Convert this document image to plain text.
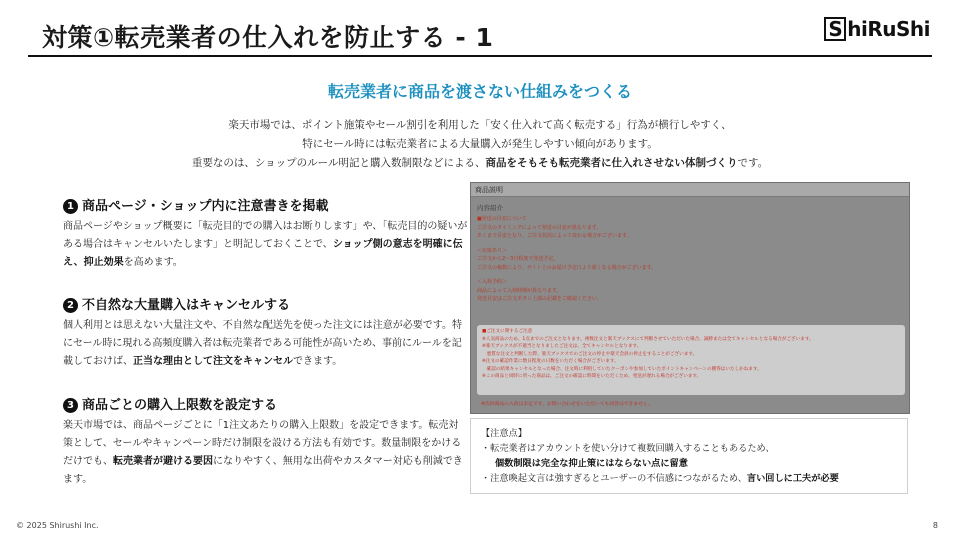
対策①転売業者の仕入れを防止する - 1	S hiRuShi
転売業者に商品を渡さない仕組みをつくる
楽天市場では、ポイント施策やセール割引を利用した「安く仕入れて高く転売する」行為が横行しやすく、
特にセール時には転売業者による大量購入が発生しやすい傾向があります。
重要なのは、ショップのルール明記と購入数制限などによる、商品をそもそも転売業者に仕入れさせない体制づくりです。
1 商品ページ・ショップ内に注意書きを掲載
商品ページやショップ概要に「転売目的での購入はお断りします」や、「転売目的の疑いがある場合はキャンセルいたします」と明記しておくことで、ショップ側の意志を明確に伝え、抑止効果を高めます。
2 不自然な大量購入はキャンセルする
個人利用とは思えない大量注文や、不自然な配送先を使った注文には注意が必要です。特にセール時に現れる高頻度購入者は転売業者である可能性が高いため、事前にルールを記載しておけば、正当な理由として注文をキャンセルできます。
3 商品ごとの購入上限数を設定する
楽天市場では、商品ページごとに「1注文あたりの購入上限数」を設定できます。転売対策として、セールやキャンペーン時だけ制限を設ける方法も有効です。数量制限をかけるだけでも、転売業者が避ける要因になりやすく、無用な出荷やカスタマー対応も削減できます。
商品説明
内容紹介
■発送の目安について
ご注文のタイミングによって発送の目安が異なります。
あくまで目安となり、ご注文状況によって変わる場合がございます。
＜在庫あり＞
ご注文から2〜3日程度で発送予定。
ご注文の複数により、サイト上のお届け予定日より遅くなる場合がございます。
＜入荷予約＞
商品によって入荷時期が異なります。
発送目安はご注文ボタン上部の記載をご確認ください。
■ご注文に関するご注意
※人気商品のため、1点までのご注文となります。複数注文と楽天ブックスにて判断させていただいた場合、誠勝または全てキャンセルとなる場合がございます。
※楽天ブックスが不適当となりましたご注文は、全てキャンセルとなります。
　悪質な注文と判断した際、楽天ブックスでのご注文の停止や楽天会員の停止をすることがございます。
※注文の確認作業に数日程度の日数をいただく場合がございます。
　確認の結果キャンセルとなった場合、注文時に利用していたクーポンや参加していたポイントキャンペーンの獲得はいたしかねます。
※この商品と同時に買った商品は、ご注文の確認に時間をいただくため、発送が遅れる場合がございます。
※次回商品の入荷は未定です。お問い合わせをいただいても回答はできません。
【注意点】
・転売業者はアカウントを使い分けて複数回購入することもあるため、
個数制限は完全な抑止策にはならない点に留意
・注意喚起文言は強すぎるとユーザーの不信感につながるため、言い回しに工夫が必要
© 2025 Shirushi Inc.	8
